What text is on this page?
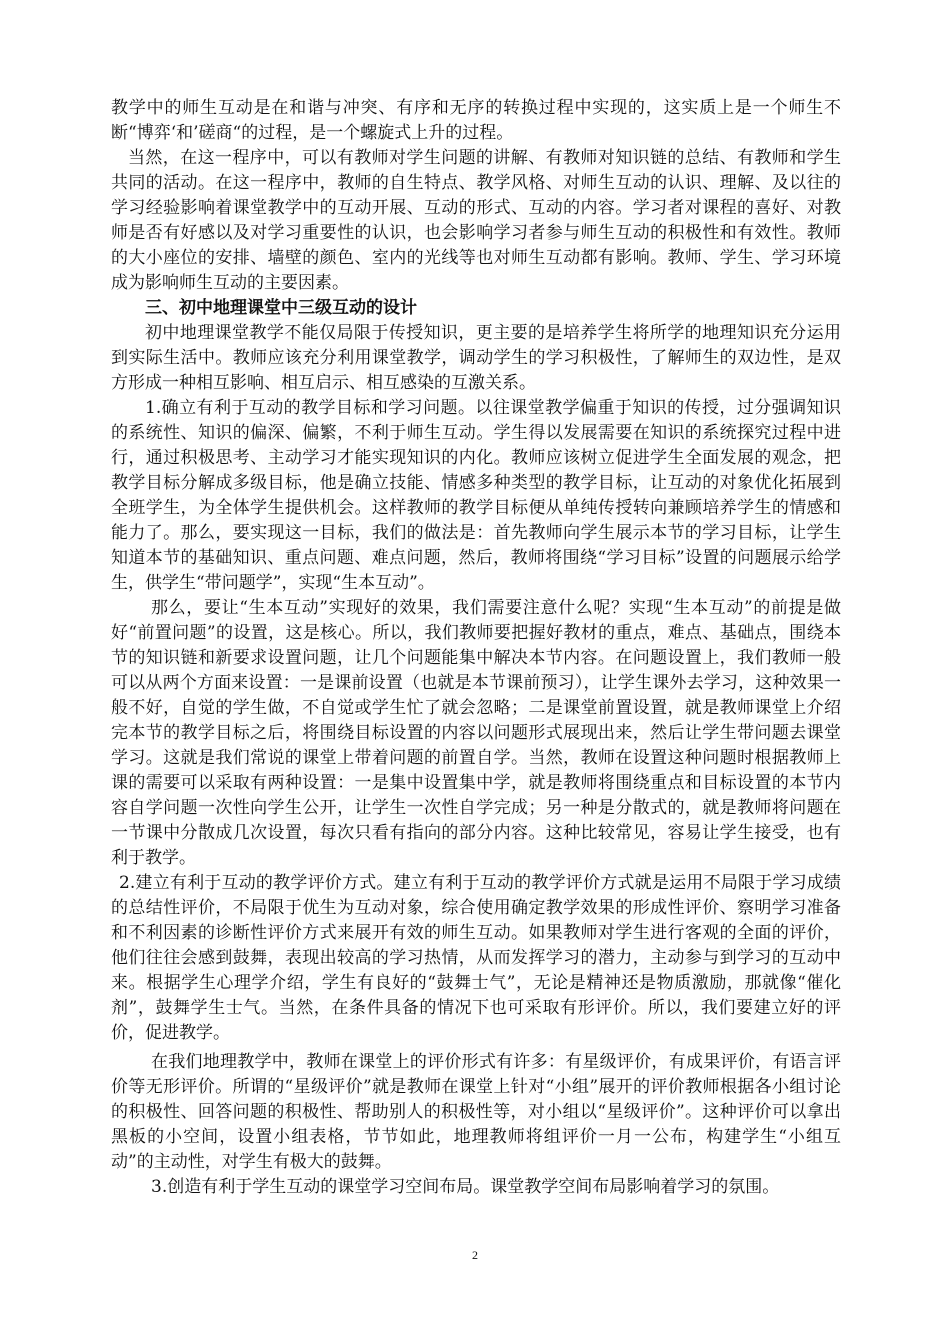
教学中的师生互动是在和谐与冲突、有序和无序的转换过程中实现的，这实质上是一个师生不断“博弈‘和’磋商“的过程，是一个螺旋式上升的过程。

当然，在这一程序中，可以有教师对学生问题的讲解、有教师对知识链的总结、有教师和学生共同的活动。在这一程序中，教师的自生特点、教学风格、对师生互动的认识、理解、及以往的学习经验影响着课堂教学中的互动开展、互动的形式、互动的内容。学习者对课程的喜好、对教师是否有好感以及对学习重要性的认识，也会影响学习者参与师生互动的积极性和有效性。教师的大小座位的安排、墙壁的颜色、室内的光线等也对师生互动都有影响。教师、学生、学习环境成为影响师生互动的主要因素。

三、初中地理课堂中三级互动的设计

初中地理课堂教学不能仅局限于传授知识，更主要的是培养学生将所学的地理知识充分运用到实际生活中。教师应该充分利用课堂教学，调动学生的学习积极性，了解师生的双边性，是双方形成一种相互影响、相互启示、相互感染的互激关系。

1.确立有利于互动的教学目标和学习问题。以往课堂教学偏重于知识的传授，过分强调知识的系统性、知识的偏深、偏繁，不利于师生互动。学生得以发展需要在知识的系统探究过程中进行，通过积极思考、主动学习才能实现知识的内化。教师应该树立促进学生全面发展的观念，把教学目标分解成多级目标，他是确立技能、情感多种类型的教学目标，让互动的对象优化拓展到全班学生，为全体学生提供机会。这样教师的教学目标便从单纯传授转向兼顾培养学生的情感和能力了。那么，要实现这一目标，我们的做法是：首先教师向学生展示本节的学习目标，让学生知道本节的基础知识、重点问题、难点问题，然后，教师将围绕“学习目标”设置的问题展示给学生，供学生“带问题学”，实现“生本互动”。

那么，要让“生本互动”实现好的效果，我们需要注意什么呢？实现“生本互动”的前提是做好“前置问题”的设置，这是核心。所以，我们教师要把握好教材的重点，难点、基础点，围绕本节的知识链和新要求设置问题，让几个问题能集中解决本节内容。在问题设置上，我们教师一般可以从两个方面来设置：一是课前设置（也就是本节课前预习），让学生课外去学习，这种效果一般不好，自觉的学生做，不自觉或学生忙了就会忽略；二是课堂前置设置，就是教师课堂上介绍完本节的教学目标之后，将围绕目标设置的内容以问题形式展现出来，然后让学生带问题去课堂学习。这就是我们常说的课堂上带着问题的前置自学。当然，教师在设置这种问题时根据教师上课的需要可以采取有两种设置：一是集中设置集中学，就是教师将围绕重点和目标设置的本节内容自学问题一次性向学生公开，让学生一次性自学完成；另一种是分散式的，就是教师将问题在一节课中分散成几次设置，每次只看有指向的部分内容。这种比较常见，容易让学生接受，也有利于教学。

2.建立有利于互动的教学评价方式。建立有利于互动的教学评价方式就是运用不局限于学习成绩的总结性评价，不局限于优生为互动对象，综合使用确定教学效果的形成性评价、察明学习准备和不利因素的诊断性评价方式来展开有效的师生互动。如果教师对学生进行客观的全面的评价，他们往往会感到鼓舞，表现出较高的学习热情，从而发挥学习的潜力，主动参与到学习的互动中来。根据学生心理学介绍，学生有良好的“鼓舞士气”，无论是精神还是物质激励，那就像“催化剂”，鼓舞学生士气。当然，在条件具备的情况下也可采取有形评价。所以，我们要建立好的评价，促进教学。

在我们地理教学中，教师在课堂上的评价形式有许多：有星级评价，有成果评价，有语言评价等无形评价。所谓的“星级评价”就是教师在课堂上针对“小组”展开的评价教师根据各小组讨论的积极性、回答问题的积极性、帮助别人的积极性等，对小组以“星级评价”。这种评价可以拿出黑板的小空间，设置小组表格，节节如此，地理教师将组评价一月一公布，构建学生“小组互动”的主动性，对学生有极大的鼓舞。

3.创造有利于学生互动的课堂学习空间布局。课堂教学空间布局影响着学习的氛围。

2
